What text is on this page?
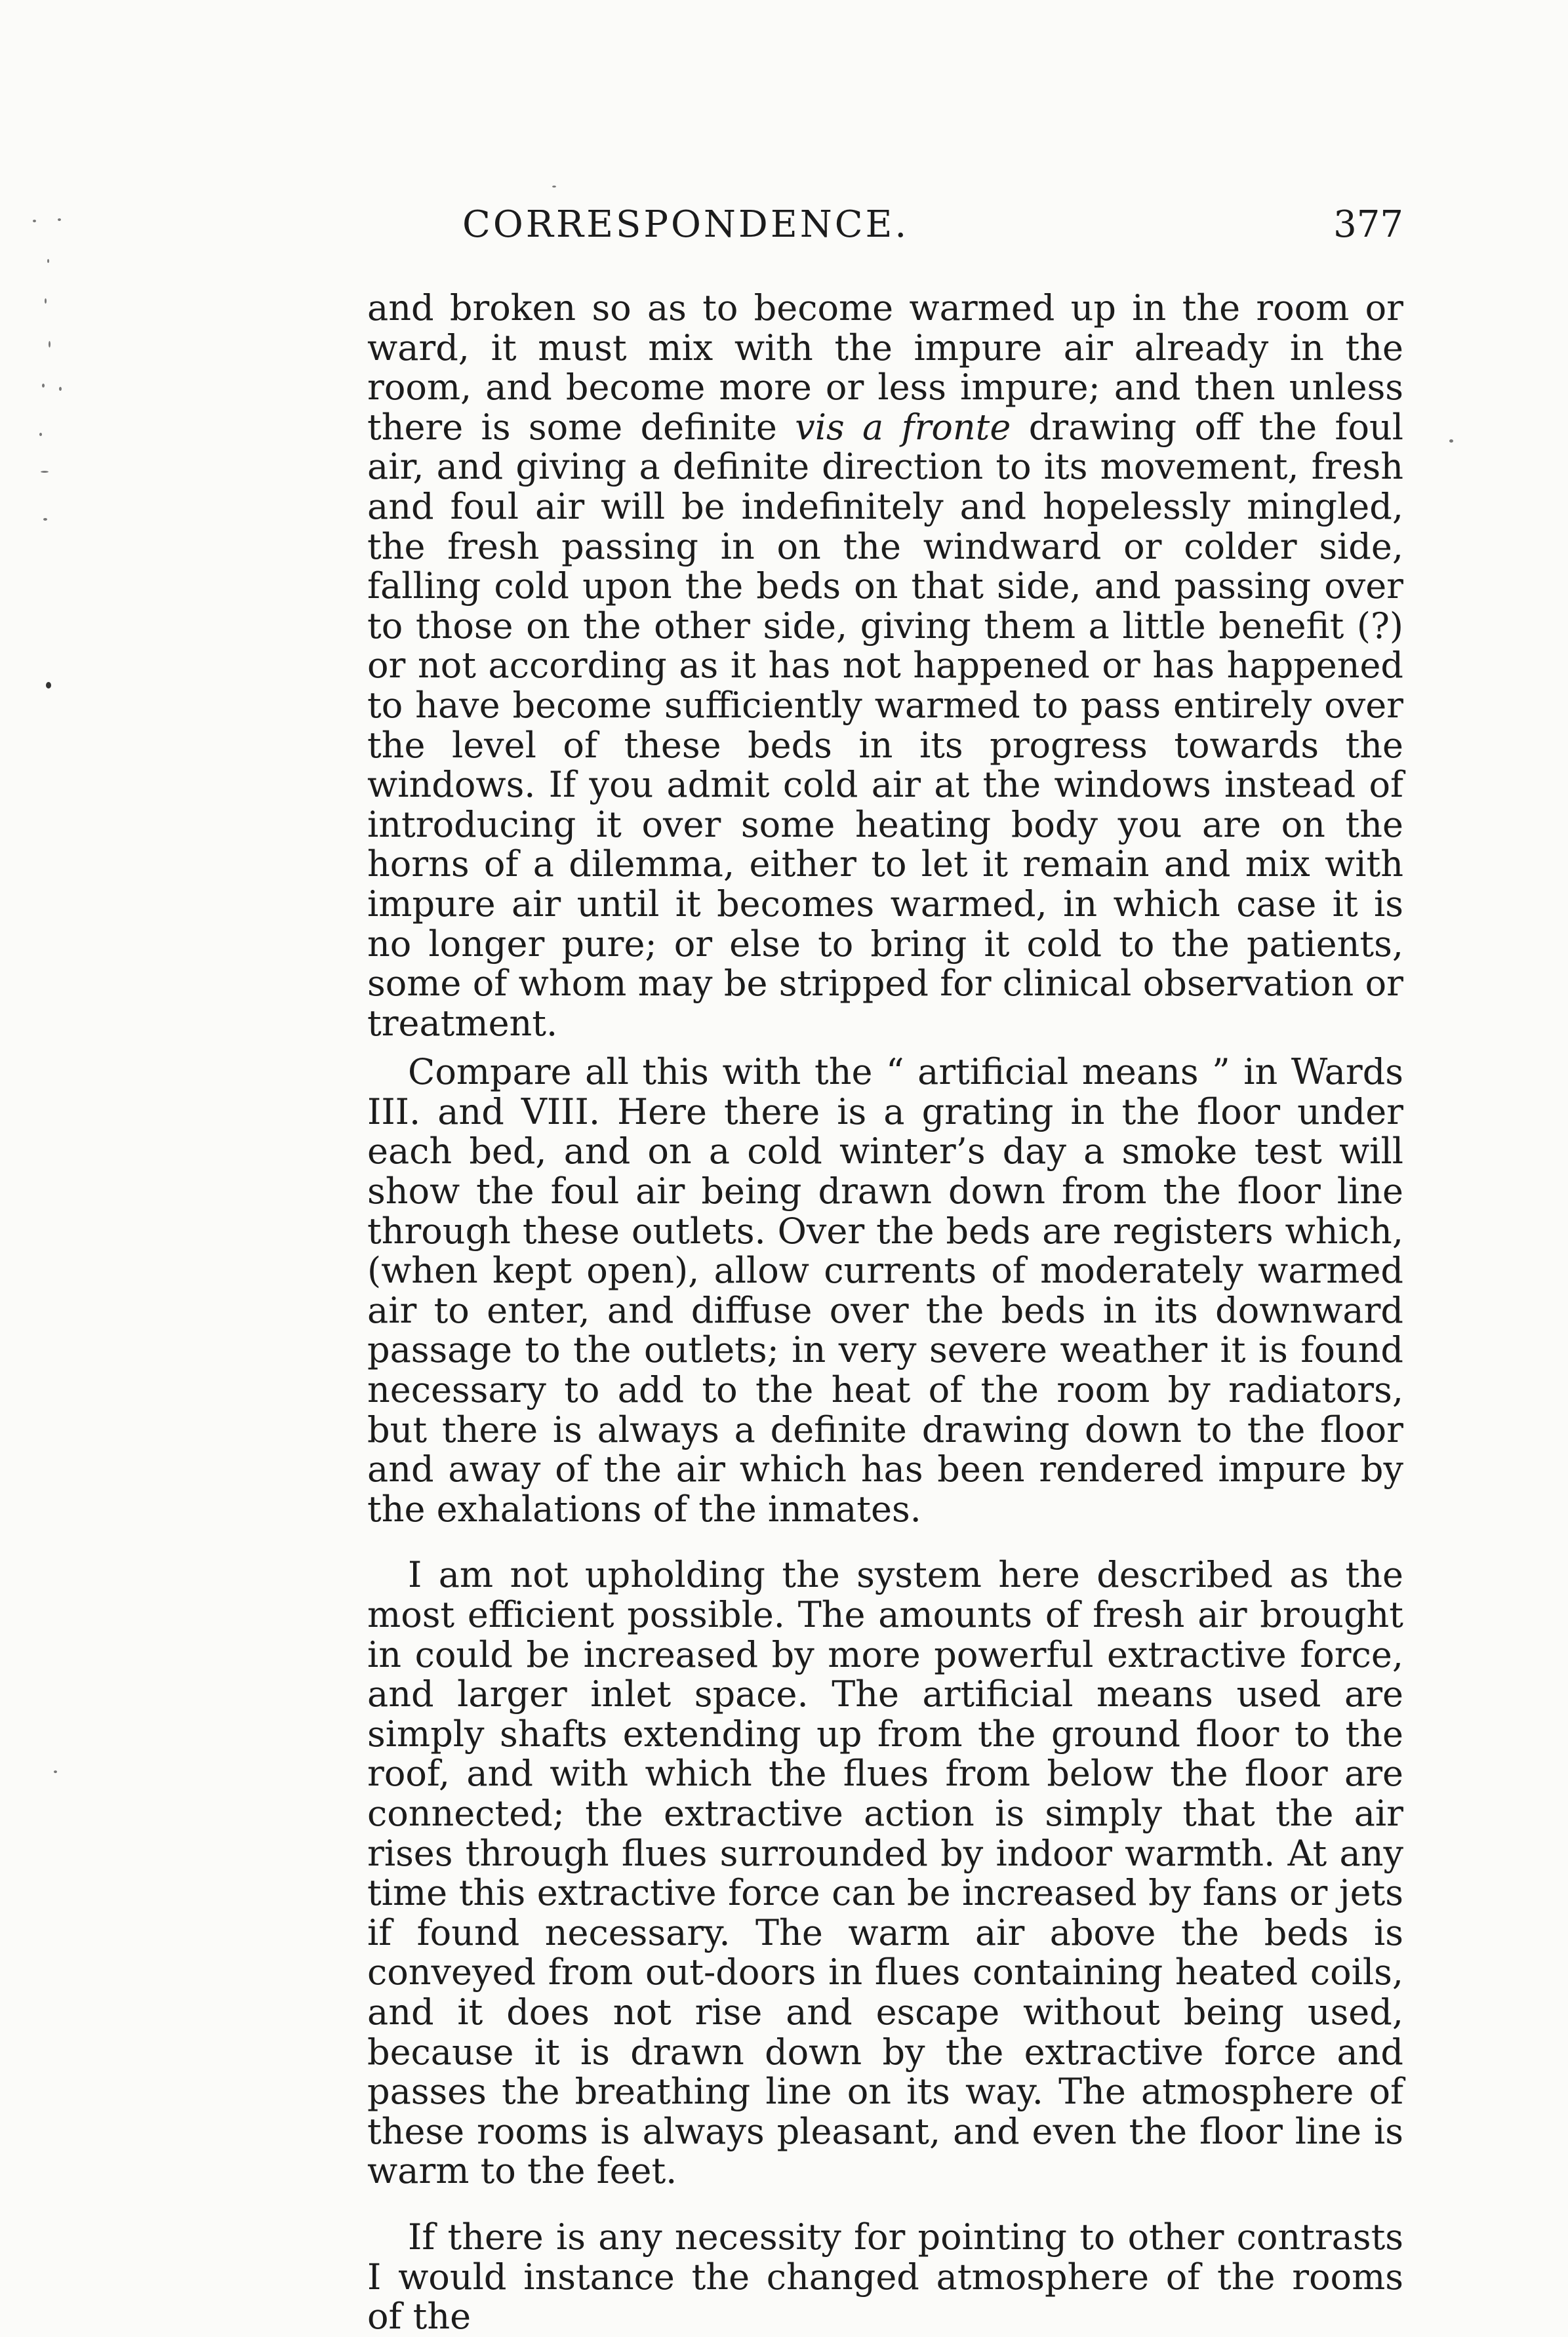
CORRESPONDENCE.	377

and broken so as to become warmed up in the room or ward, it must mix with the impure air already in the room, and become more or less impure; and then unless there is some definite vis a fronte drawing off the foul air, and giving a definite direction to its movement, fresh and foul air will be indefinitely and hopelessly mingled, the fresh passing in on the windward or colder side, falling cold upon the beds on that side, and passing over to those on the other side, giving them a little benefit (?) or not according as it has not happened or has happened to have become sufficiently warmed to pass entirely over the level of these beds in its progress towards the windows. If you admit cold air at the windows instead of introducing it over some heating body you are on the horns of a dilemma, either to let it remain and mix with impure air until it becomes warmed, in which case it is no longer pure; or else to bring it cold to the patients, some of whom may be stripped for clinical observation or treatment.

Compare all this with the “ artificial means ” in Wards III. and VIII. Here there is a grating in the floor under each bed, and on a cold winter’s day a smoke test will show the foul air being drawn down from the floor line through these outlets. Over the beds are registers which, (when kept open), allow currents of moderately warmed air to enter, and diffuse over the beds in its downward passage to the outlets; in very severe weather it is found necessary to add to the heat of the room by radiators, but there is always a definite drawing down to the floor and away of the air which has been rendered impure by the exhalations of the inmates.

I am not upholding the system here described as the most efficient possible. The amounts of fresh air brought in could be increased by more powerful extractive force, and larger inlet space. The artificial means used are simply shafts extending up from the ground floor to the roof, and with which the flues from below the floor are connected; the extractive action is simply that the air rises through flues surrounded by indoor warmth. At any time this extractive force can be increased by fans or jets if found necessary. The warm air above the beds is conveyed from out-doors in flues containing heated coils, and it does not rise and escape without being used, because it is drawn down by the extractive force and passes the breathing line on its way. The atmosphere of these rooms is always pleasant, and even the floor line is warm to the feet.

If there is any necessity for pointing to other contrasts I would instance the changed atmosphere of the rooms of the
